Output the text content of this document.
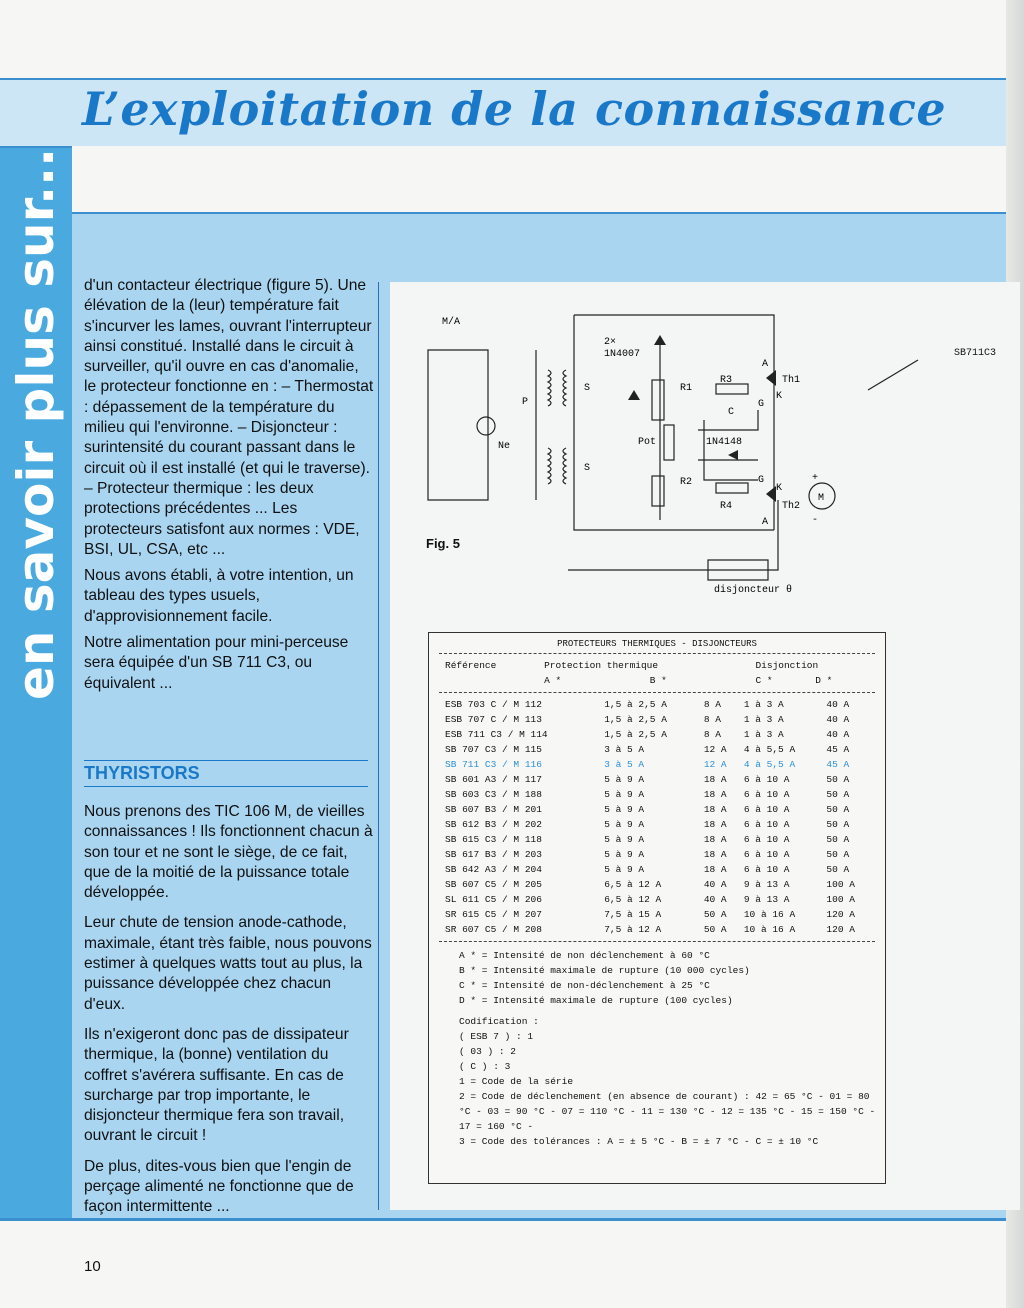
L’exploitation de la connaissance
en savoir plus sur... d'un contacteur électrique (figure 5). Une élévation de la (leur) température fait s'incurver les lames, ouvrant l'interrupteur ainsi constitué. Installé dans le circuit à surveiller, qu'il ouvre en cas d'anomalie, le protecteur fonctionne en : – Thermostat : dépassement de la température du milieu qui l'environne. – Disjoncteur : surintensité du courant passant dans le circuit où il est installé (et qui le traverse). – Protecteur thermique : les deux protections précédentes ... Les protecteurs satisfont aux normes : VDE, BSI, UL, CSA, etc ...

Nous avons établi, à votre intention, un tableau des types usuels, d'approvisionnement facile.

Notre alimentation pour mini-perceuse sera équipée d'un SB 711 C3, ou équivalent ...

THYRISTORS

Nous prenons des TIC 106 M, de vieilles connaissances ! Ils fonctionnent chacun à son tour et ne sont le siège, de ce fait, que de la moitié de la puissance totale développée.

Leur chute de tension anode-cathode, maximale, étant très faible, nous pouvons estimer à quelques watts tout au plus, la puissance développée chez chacun d'eux.

Ils n'exigeront donc pas de dissipateur thermique, la (bonne) ventilation du coffret s'avérera suffisante. En cas de surcharge par trop importante, le disjoncteur thermique fera son travail, ouvrant le circuit !

De plus, dites-vous bien que l'engin de perçage alimenté ne fonctionne que de façon intermittente ...

M/A
Ne
P
S
S
2×
1N4007
R1
R2
R3
R4
Pot
C
1N4148
Th1
Th2
A
K
G
A
K
G
M
+
-
disjoncteur θ
Fig. 5
SB711C3
PROTECTEURS THERMIQUES - DISJONCTEURS
Référence	Protection thermique		Disjonction	
	A *	B *	C *	D *
ESB 703 C / M 112	1,5 à 2,5 A	8 A	1 à 3 A	40 A
ESB 707 C / M 113	1,5 à 2,5 A	8 A	1 à 3 A	40 A
ESB 711 C3 / M 114	1,5 à 2,5 A	8 A	1 à 3 A	40 A
SB 707 C3 / M 115	3 à 5 A	12 A	4 à 5,5 A	45 A
SB 711 C3 / M 116	3 à 5 A	12 A	4 à 5,5 A	45 A
SB 601 A3 / M 117	5 à 9 A	18 A	6 à 10 A	50 A
SB 603 C3 / M 188	5 à 9 A	18 A	6 à 10 A	50 A
SB 607 B3 / M 201	5 à 9 A	18 A	6 à 10 A	50 A
SB 612 B3 / M 202	5 à 9 A	18 A	6 à 10 A	50 A
SB 615 C3 / M 118	5 à 9 A	18 A	6 à 10 A	50 A
SB 617 B3 / M 203	5 à 9 A	18 A	6 à 10 A	50 A
SB 642 A3 / M 204	5 à 9 A	18 A	6 à 10 A	50 A
SB 607 C5 / M 205	6,5 à 12 A	40 A	9 à 13 A	100 A
SL 611 C5 / M 206	6,5 à 12 A	40 A	9 à 13 A	100 A
SR 615 C5 / M 207	7,5 à 15 A	50 A	10 à 16 A	120 A
SR 607 C5 / M 208	7,5 à 12 A	50 A	10 à 16 A	120 A
A * = Intensité de non déclenchement à 60 °C
B * = Intensité maximale de rupture (10 000 cycles)
C * = Intensité de non-déclenchement à 25 °C
D * = Intensité maximale de rupture (100 cycles)
Codification :
( ESB 7 ) : 1
( 03 ) : 2
( C ) : 3
1 = Code de la série
2 = Code de déclenchement (en absence de courant) : 42 = 65 °C - 01 = 80 °C - 03 = 90 °C - 07 = 110 °C - 11 = 130 °C - 12 = 135 °C - 15 = 150 °C - 17 = 160 °C -
3 = Code des tolérances : A = ± 5 °C - B = ± 7 °C - C = ± 10 °C
10
